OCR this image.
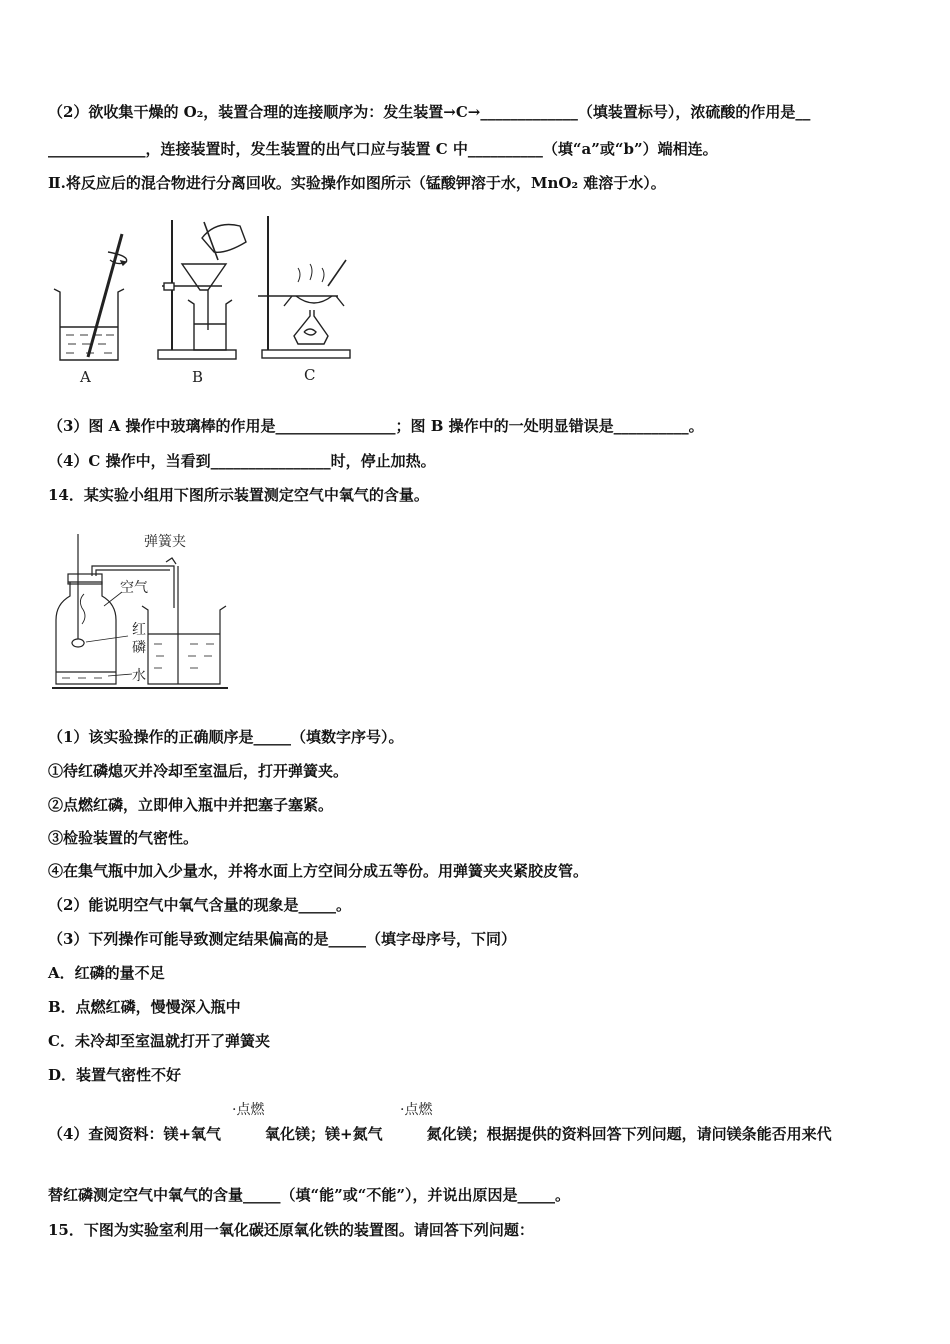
（2）欲收集干燥的 O₂，装置合理的连接顺序为：发生装置→C→_____________（填装置标号），浓硫酸的作用是__
_____________，连接装置时，发生装置的出气口应与装置 C 中__________（填“a”或“b”）端相连。
Ⅱ.将反应后的混合物进行分离回收。实验操作如图所示（锰酸钾溶于水，MnO₂ 难溶于水）。
A	B	C
（3）图 A 操作中玻璃棒的作用是________________；图 B 操作中的一处明显错误是__________。
（4）C 操作中，当看到________________时，停止加热。
14．某实验小组用下图所示装置测定空气中氧气的含量。
弹簧夹
空气
红
磷
水
（1）该实验操作的正确顺序是_____（填数字序号）。
①待红磷熄灭并冷却至室温后，打开弹簧夹。
②点燃红磷，立即伸入瓶中并把塞子塞紧。
③检验装置的气密性。
④在集气瓶中加入少量水，并将水面上方空间分成五等份。用弹簧夹夹紧胶皮管。
（2）能说明空气中氧气含量的现象是_____。
（3）下列操作可能导致测定结果偏高的是_____（填字母序号，下同）
A．红磷的量不足
B．点燃红磷，慢慢深入瓶中
C．未冷却至室温就打开了弹簧夹
D．装置气密性不好
·点燃	·点燃
（4）查阅资料：镁+氧气	氧化镁；镁+氮气	氮化镁；根据提供的资料回答下列问题，请问镁条能否用来代
替红磷测定空气中氧气的含量_____（填“能”或“不能”），并说出原因是_____。
15．下图为实验室利用一氧化碳还原氧化铁的装置图。请回答下列问题：
